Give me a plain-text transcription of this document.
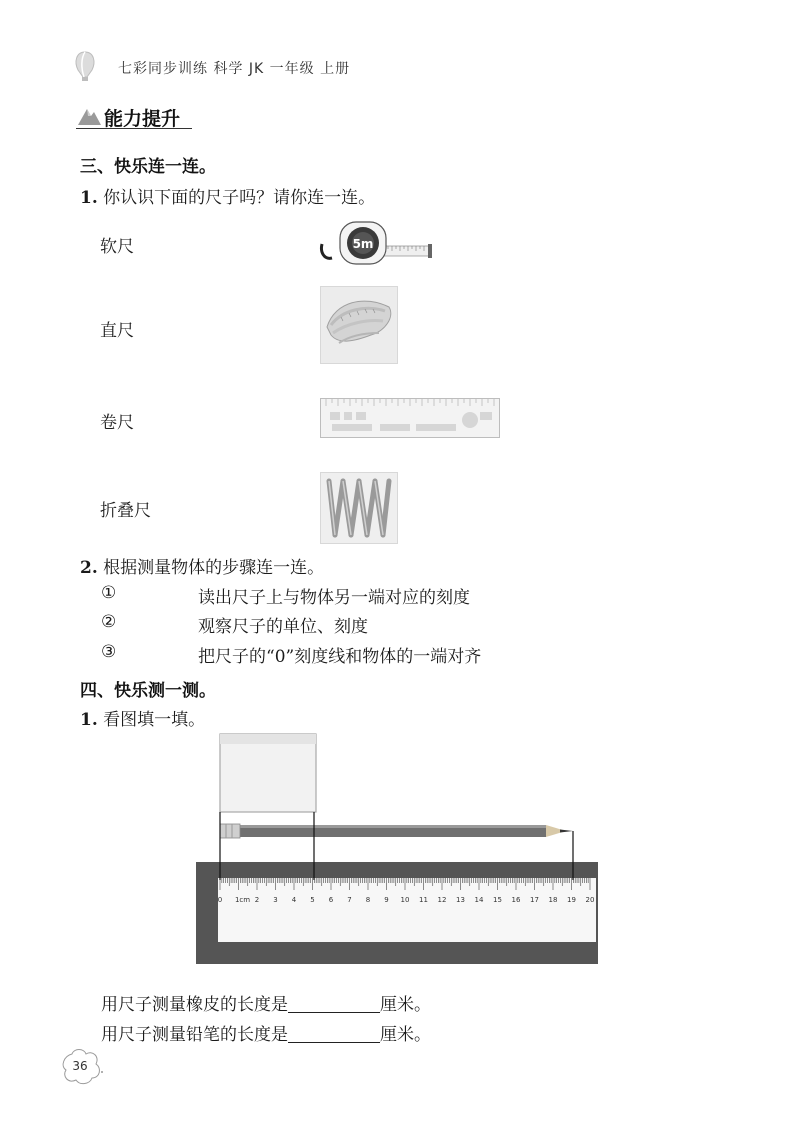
七彩同步训练 科学 JK 一年级 上册
能力提升
三、快乐连一连。
1. 你认识下面的尺子吗？请你连一连。
软尺
直尺
卷尺
折叠尺
5m
2. 根据测量物体的步骤连一连。
①	读出尺子上与物体另一端对应的刻度
②	观察尺子的单位、刻度
③	把尺子的“0”刻度线和物体的一端对齐
四、快乐测一测。
1. 看图填一填。
0 1cm 2 3 4 5 6 7 8 9 10 11 12 13 14 15 16 17 18 19 20
用尺子测量橡皮的长度是	厘米。
用尺子测量铅笔的长度是	厘米。
36
